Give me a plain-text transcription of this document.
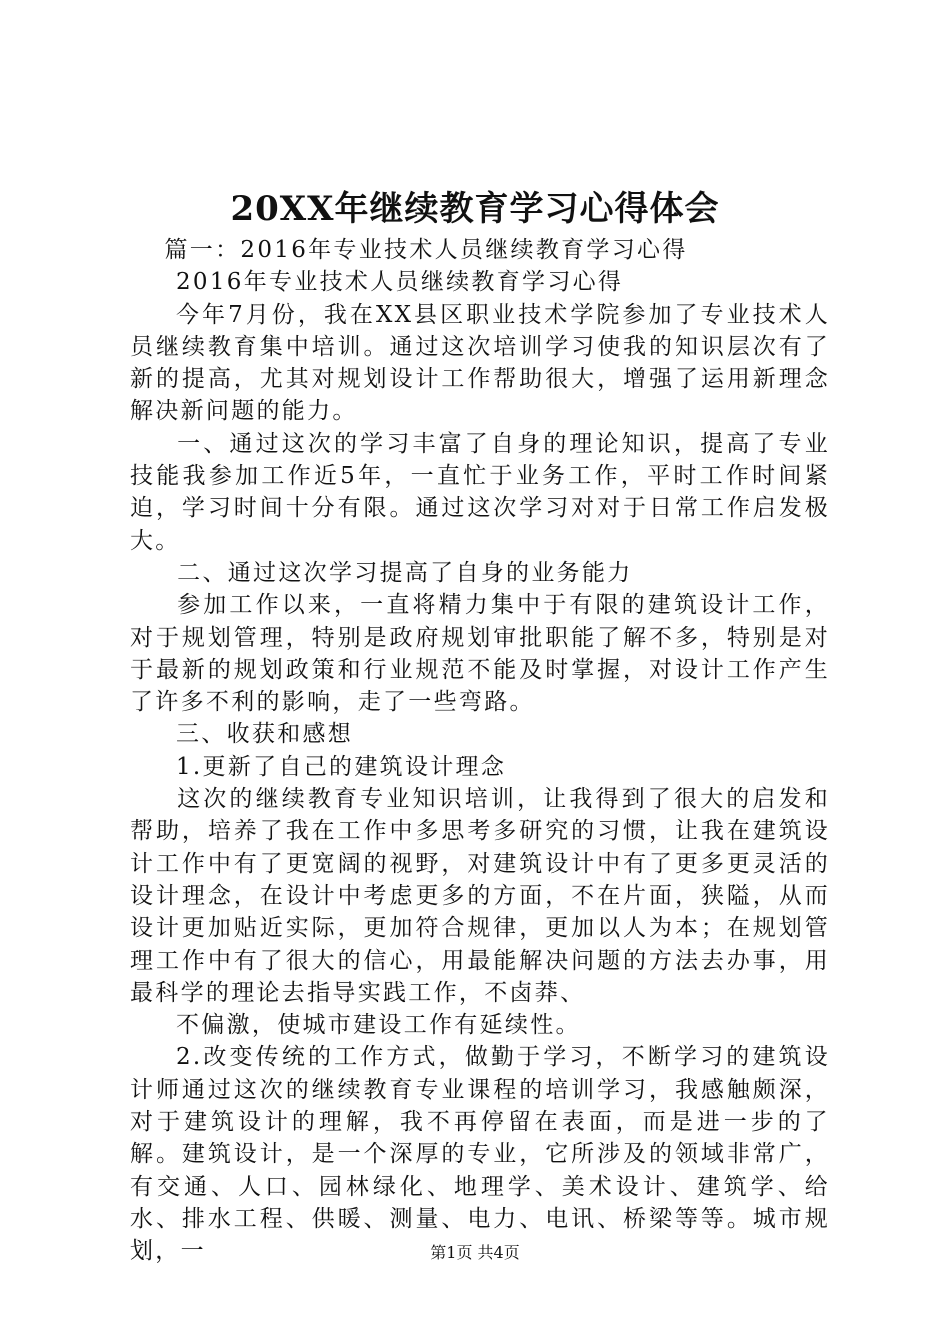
20XX年继续教育学习心得体会

篇一：2016年专业技术人员继续教育学习心得

2016年专业技术人员继续教育学习心得

今年7月份，我在XX县区职业技术学院参加了专业技术人员继续教育集中培训。通过这次培训学习使我的知识层次有了新的提高，尤其对规划设计工作帮助很大，增强了运用新理念解决新问题的能力。

一、通过这次的学习丰富了自身的理论知识，提高了专业技能我参加工作近5年，一直忙于业务工作，平时工作时间紧迫，学习时间十分有限。通过这次学习对对于日常工作启发极大。

二、通过这次学习提高了自身的业务能力

参加工作以来，一直将精力集中于有限的建筑设计工作，对于规划管理，特别是政府规划审批职能了解不多，特别是对于最新的规划政策和行业规范不能及时掌握，对设计工作产生了许多不利的影响，走了一些弯路。

三、收获和感想

1.更新了自己的建筑设计理念

这次的继续教育专业知识培训，让我得到了很大的启发和帮助，培养了我在工作中多思考多研究的习惯，让我在建筑设计工作中有了更宽阔的视野，对建筑设计中有了更多更灵活的设计理念，在设计中考虑更多的方面，不在片面，狭隘，从而设计更加贴近实际，更加符合规律，更加以人为本；在规划管理工作中有了很大的信心，用最能解决问题的方法去办事，用最科学的理论去指导实践工作，不卤莽、

不偏激，使城市建设工作有延续性。

2.改变传统的工作方式，做勤于学习，不断学习的建筑设计师通过这次的继续教育专业课程的培训学习，我感触颇深，对于建筑设计的理解，我不再停留在表面，而是进一步的了解。建筑设计，是一个深厚的专业，它所涉及的领域非常广，有交通、人口、园林绿化、地理学、美术设计、建筑学、给水、排水工程、供暖、测量、电力、电讯、桥梁等等。城市规划，一	第1页 共4页
